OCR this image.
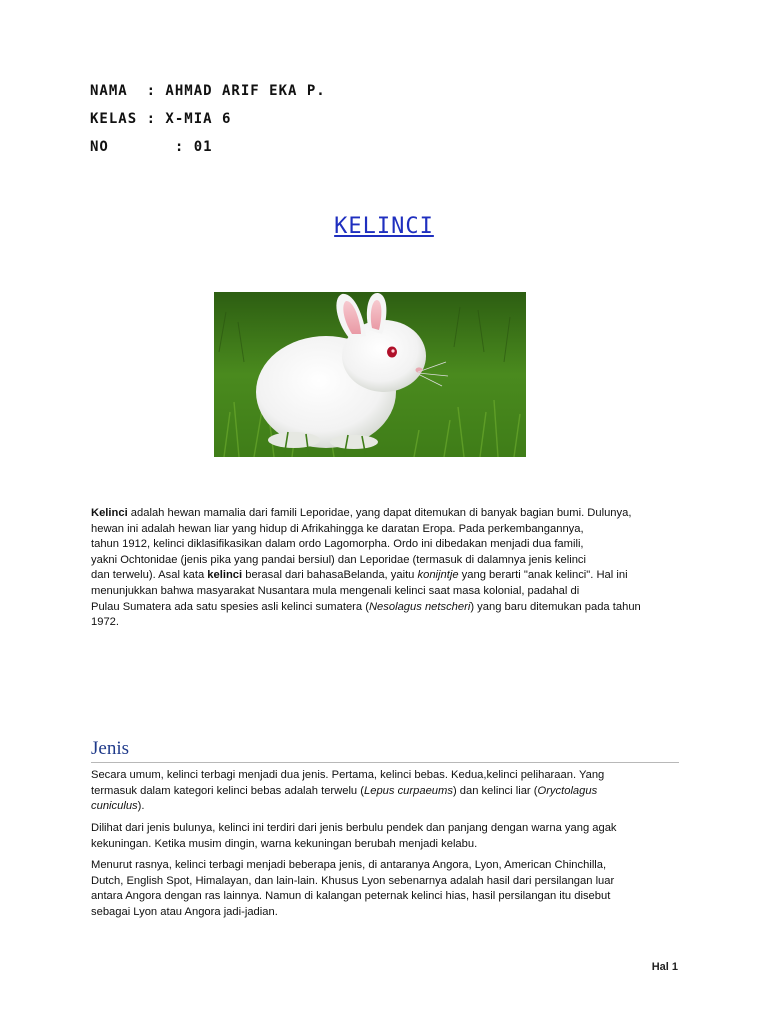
NAMA  : AHMAD ARIF EKA P.
KELAS : X-MIA 6
NO       : 01
KELINCI

Kelinci adalah hewan mamalia dari famili Leporidae, yang dapat ditemukan di banyak bagian bumi. Dulunya,
hewan ini adalah hewan liar yang hidup di Afrikahingga ke daratan Eropa. Pada perkembangannya,
tahun 1912, kelinci diklasifikasikan dalam ordo Lagomorpha. Ordo ini dibedakan menjadi dua famili,
yakni Ochtonidae (jenis pika yang pandai bersiul) dan Leporidae (termasuk di dalamnya jenis kelinci
dan terwelu). Asal kata kelinci berasal dari bahasaBelanda, yaitu konijntje yang berarti "anak kelinci". Hal ini
menunjukkan bahwa masyarakat Nusantara mula mengenali kelinci saat masa kolonial, padahal di
Pulau Sumatera ada satu spesies asli kelinci sumatera (Nesolagus netscheri) yang baru ditemukan pada tahun
1972.

Jenis

Secara umum, kelinci terbagi menjadi dua jenis. Pertama, kelinci bebas. Kedua,kelinci peliharaan. Yang
termasuk dalam kategori kelinci bebas adalah terwelu (Lepus curpaeums) dan kelinci liar (Oryctolagus
cuniculus).

Dilihat dari jenis bulunya, kelinci ini terdiri dari jenis berbulu pendek dan panjang dengan warna yang agak
kekuningan. Ketika musim dingin, warna kekuningan berubah menjadi kelabu.

Menurut rasnya, kelinci terbagi menjadi beberapa jenis, di antaranya Angora, Lyon, American Chinchilla,
Dutch, English Spot, Himalayan, dan lain-lain. Khusus Lyon sebenarnya adalah hasil dari persilangan luar
antara Angora dengan ras lainnya. Namun di kalangan peternak kelinci hias, hasil persilangan itu disebut
sebagai Lyon atau Angora jadi-jadian.

Hal 1
